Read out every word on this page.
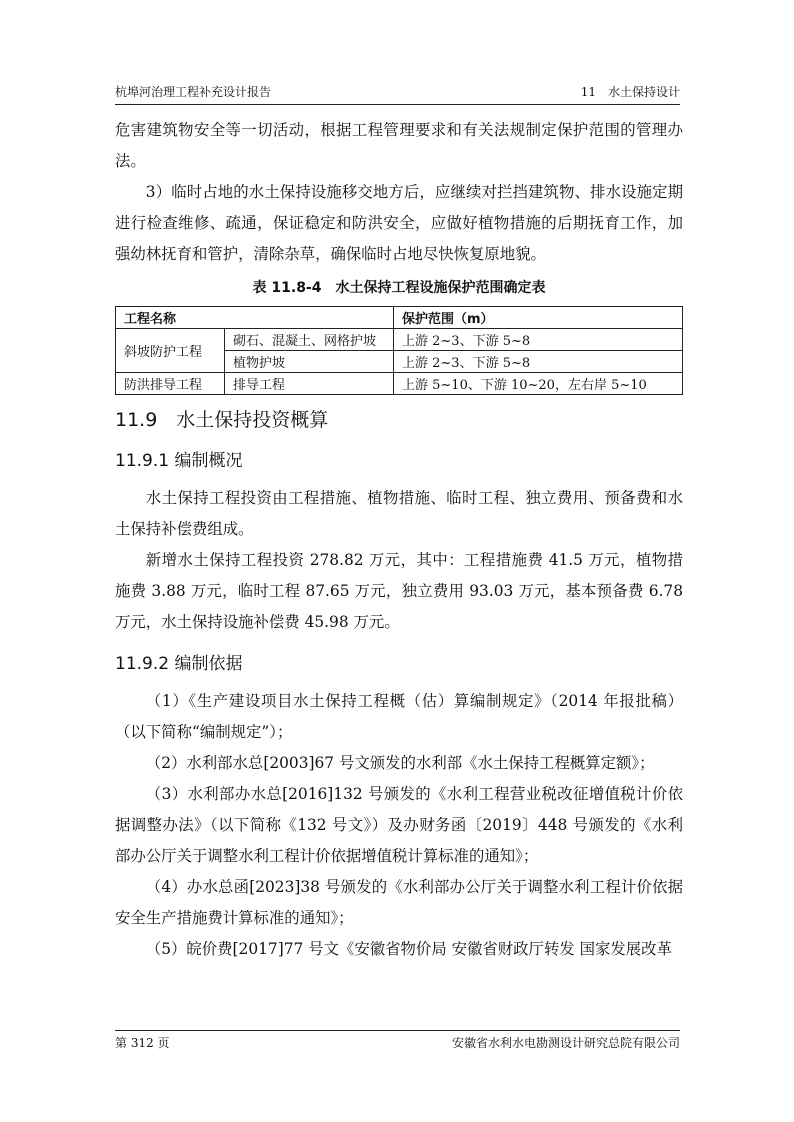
杭埠河治理工程补充设计报告	11　水土保持设计

危害建筑物安全等一切活动，根据工程管理要求和有关法规制定保护范围的管理办法。

3）临时占地的水土保持设施移交地方后，应继续对拦挡建筑物、排水设施定期进行检查维修、疏通，保证稳定和防洪安全，应做好植物措施的后期抚育工作，加强幼林抚育和管护，清除杂草，确保临时占地尽快恢复原地貌。

表 11.8-4　水土保持工程设施保护范围确定表
工程名称		保护范围（m）
斜坡防护工程	砌石、混凝土、网格护坡	上游 2~3、下游 5~8
	植物护坡	上游 2~3、下游 5~8
防洪排导工程	排导工程	上游 5~10、下游 10~20，左右岸 5~10
11.9　水土保持投资概算
11.9.1 编制概况

水土保持工程投资由工程措施、植物措施、临时工程、独立费用、预备费和水土保持补偿费组成。

新增水土保持工程投资 278.82 万元，其中：工程措施费 41.5 万元，植物措施费 3.88 万元，临时工程 87.65 万元，独立费用 93.03 万元，基本预备费 6.78 万元，水土保持设施补偿费 45.98 万元。

11.9.2 编制依据

（1）《生产建设项目水土保持工程概（估）算编制规定》（2014 年报批稿）（以下简称“编制规定”）；

（2）水利部水总[2003]67 号文颁发的水利部《水土保持工程概算定额》；

（3）水利部办水总[2016]132 号颁发的《水利工程营业税改征增值税计价依据调整办法》（以下简称《132 号文》）及办财务函〔2019〕448 号颁发的《水利部办公厅关于调整水利工程计价依据增值税计算标准的通知》；

（4）办水总函[2023]38 号颁发的《水利部办公厅关于调整水利工程计价依据安全生产措施费计算标准的通知》；

（5）皖价费[2017]77 号文《安徽省物价局 安徽省财政厅转发 国家发展改革

第 312 页	安徽省水利水电勘测设计研究总院有限公司
